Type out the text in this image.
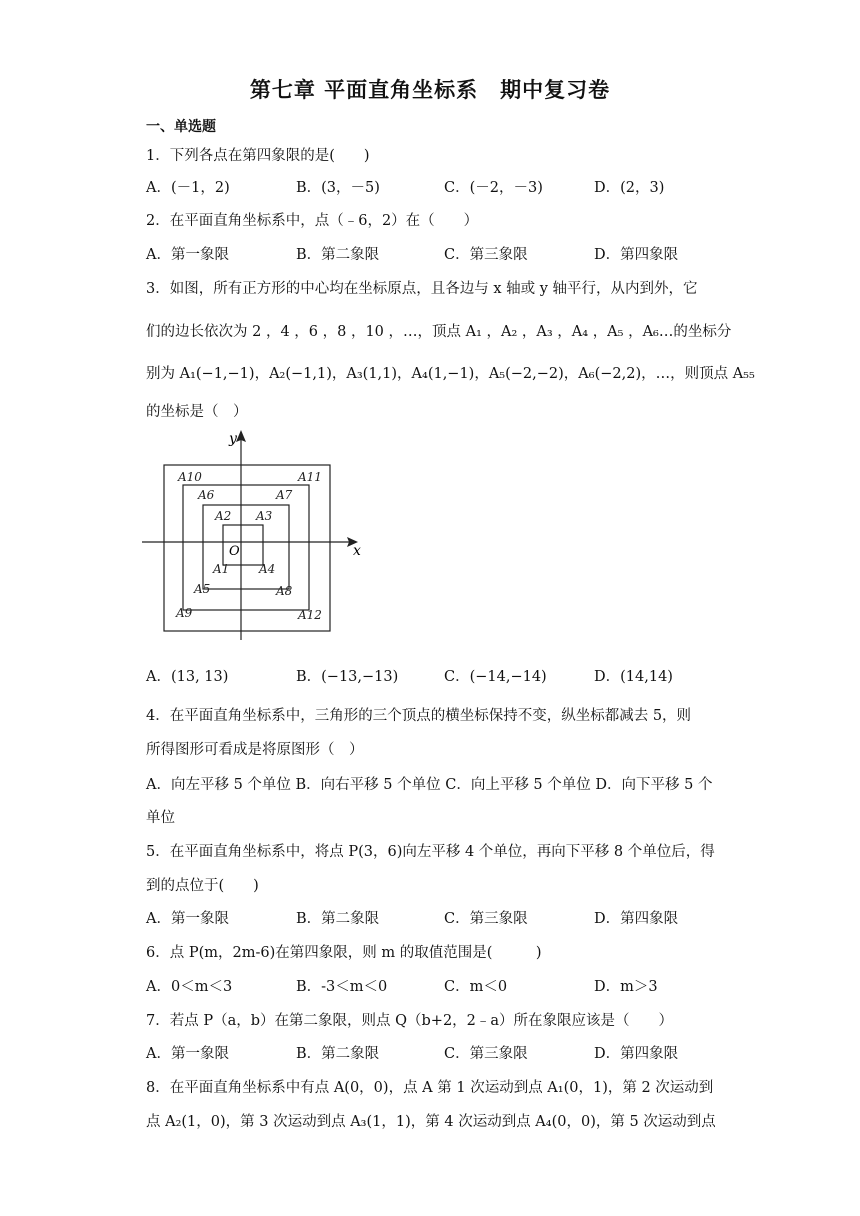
第七章 平面直角坐标系　期中复习卷
一、单选题
1．下列各点在第四象限的是(　　)
A．(－1，2)	B．(3，－5)	C．(－2，－3)	D．(2，3)
2．在平面直角坐标系中，点（﹣6，2）在（　　）
A．第一象限	B．第二象限	C．第三象限	D．第四象限
3．如图，所有正方形的中心均在坐标原点，且各边与 x 轴或 y 轴平行，从内到外，它
们的边长依次为 2 ，4 ，6 ，8 ，10 ，…，顶点 A₁ ，A₂ ，A₃ ，A₄ ，A₅ ，A₆…的坐标分
别为 A₁(−1,−1)，A₂(−1,1)，A₃(1,1)，A₄(1,−1)，A₅(−2,−2)，A₆(−2,2)，…，则顶点 A₅₅
的坐标是（　）
x
y
O
A1
A2 A3
A4
A5
A6	A7
A8
A9
A10	A11
A12
A．(13, 13)	B．(−13,−13)	C．(−14,−14)	D．(14,14)
4．在平面直角坐标系中，三角形的三个顶点的横坐标保持不变，纵坐标都减去 5，则
所得图形可看成是将原图形（　）
A．向左平移 5 个单位 B．向右平移 5 个单位 C．向上平移 5 个单位 D．向下平移 5 个
单位
5．在平面直角坐标系中，将点 P(3，6)向左平移 4 个单位，再向下平移 8 个单位后，得
到的点位于(　　)
A．第一象限	B．第二象限	C．第三象限	D．第四象限
6．点 P(m，2m-6)在第四象限，则 m 的取值范围是(　　　)
A．0＜m＜3	B．-3＜m＜0	C．m＜0	D．m＞3
7．若点 P（a，b）在第二象限，则点 Q（b+2，2﹣a）所在象限应该是（　　）
A．第一象限	B．第二象限	C．第三象限	D．第四象限
8．在平面直角坐标系中有点 A(0，0)，点 A 第 1 次运动到点 A₁(0，1)，第 2 次运动到
点 A₂(1，0)，第 3 次运动到点 A₃(1，1)，第 4 次运动到点 A₄(0，0)，第 5 次运动到点
